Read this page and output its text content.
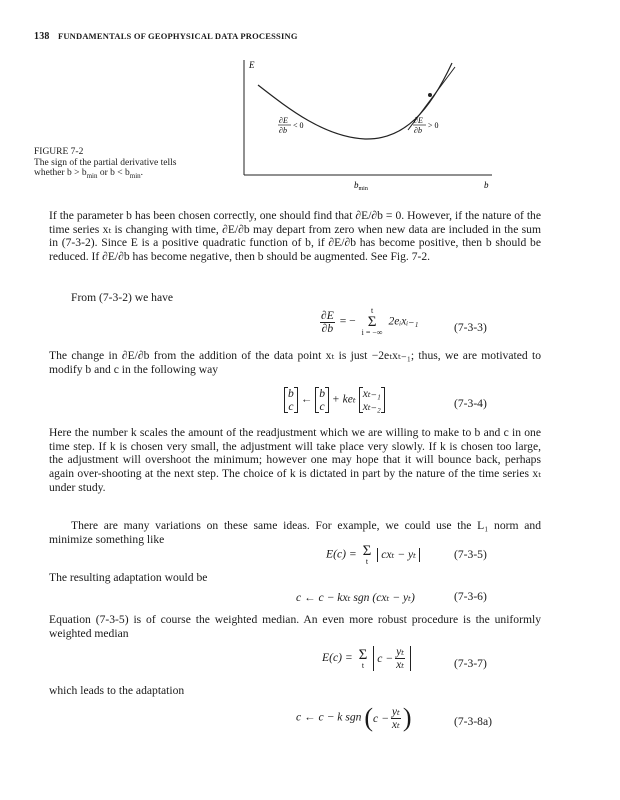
138 FUNDAMENTALS OF GEOPHYSICAL DATA PROCESSING
E
b
$b_{min}$
∂E
∂b
< 0
∂E
∂b
> 0
FIGURE 7-2
The sign of the partial derivative tells
whether $b > b_{min}$ or $b < b_{min}$.

If the parameter b has been chosen correctly, one should find that ∂E/∂b = 0. However, if the nature of the time series xₜ is changing with time, ∂E/∂b may depart from zero when new data are included in the sum in (7-3-2). Since E is a positive quadratic function of b, if ∂E/∂b has become positive, then b should be reduced. If ∂E/∂b has become negative, then b should be augmented. See Fig. 7-2.

From (7-3-2) we have

$\frac{\partial E}{\partial b}$ = −
t
Σ
i = −∞
2eᵢxᵢ₋₁	(7-3-3)

The change in ∂E/∂b from the addition of the data point xₜ is just −2eₜxₜ₋₁; thus, we are motivated to modify b and c in the following way

b
c
← b
c
+ keₜ xₜ₋₁
xₜ₋₂	(7-3-4)

Here the number k scales the amount of the readjustment which we are willing to make to b and c in one time step. If k is chosen very small, the adjustment will take place very slowly. If k is chosen too large, the adjustment will overshoot the minimum; however one may hope that it will bounce back, perhaps again over-shooting at the next step. The choice of k is dictated in part by the nature of the time series xₜ under study.

There are many variations on these same ideas. For example, we could use the L₁ norm and minimize something like

E(c) = Σ
t
cxₜ − yₜ	(7-3-5)

The resulting adaptation would be

c ← c − kxₜ sgn (cxₜ − yₜ)	(7-3-6)

Equation (7-3-5) is of course the weighted median. An even more robust procedure is the uniformly weighted median

E(c) = Σ
t
$c - \frac{\text{yₜ}}{\text{xₜ}}$	(7-3-7)

which leads to the adaptation

c ← c − k sgn ( $c - \frac{\text{yₜ}}{\text{xₜ}}$ )	(7-3-8a)
